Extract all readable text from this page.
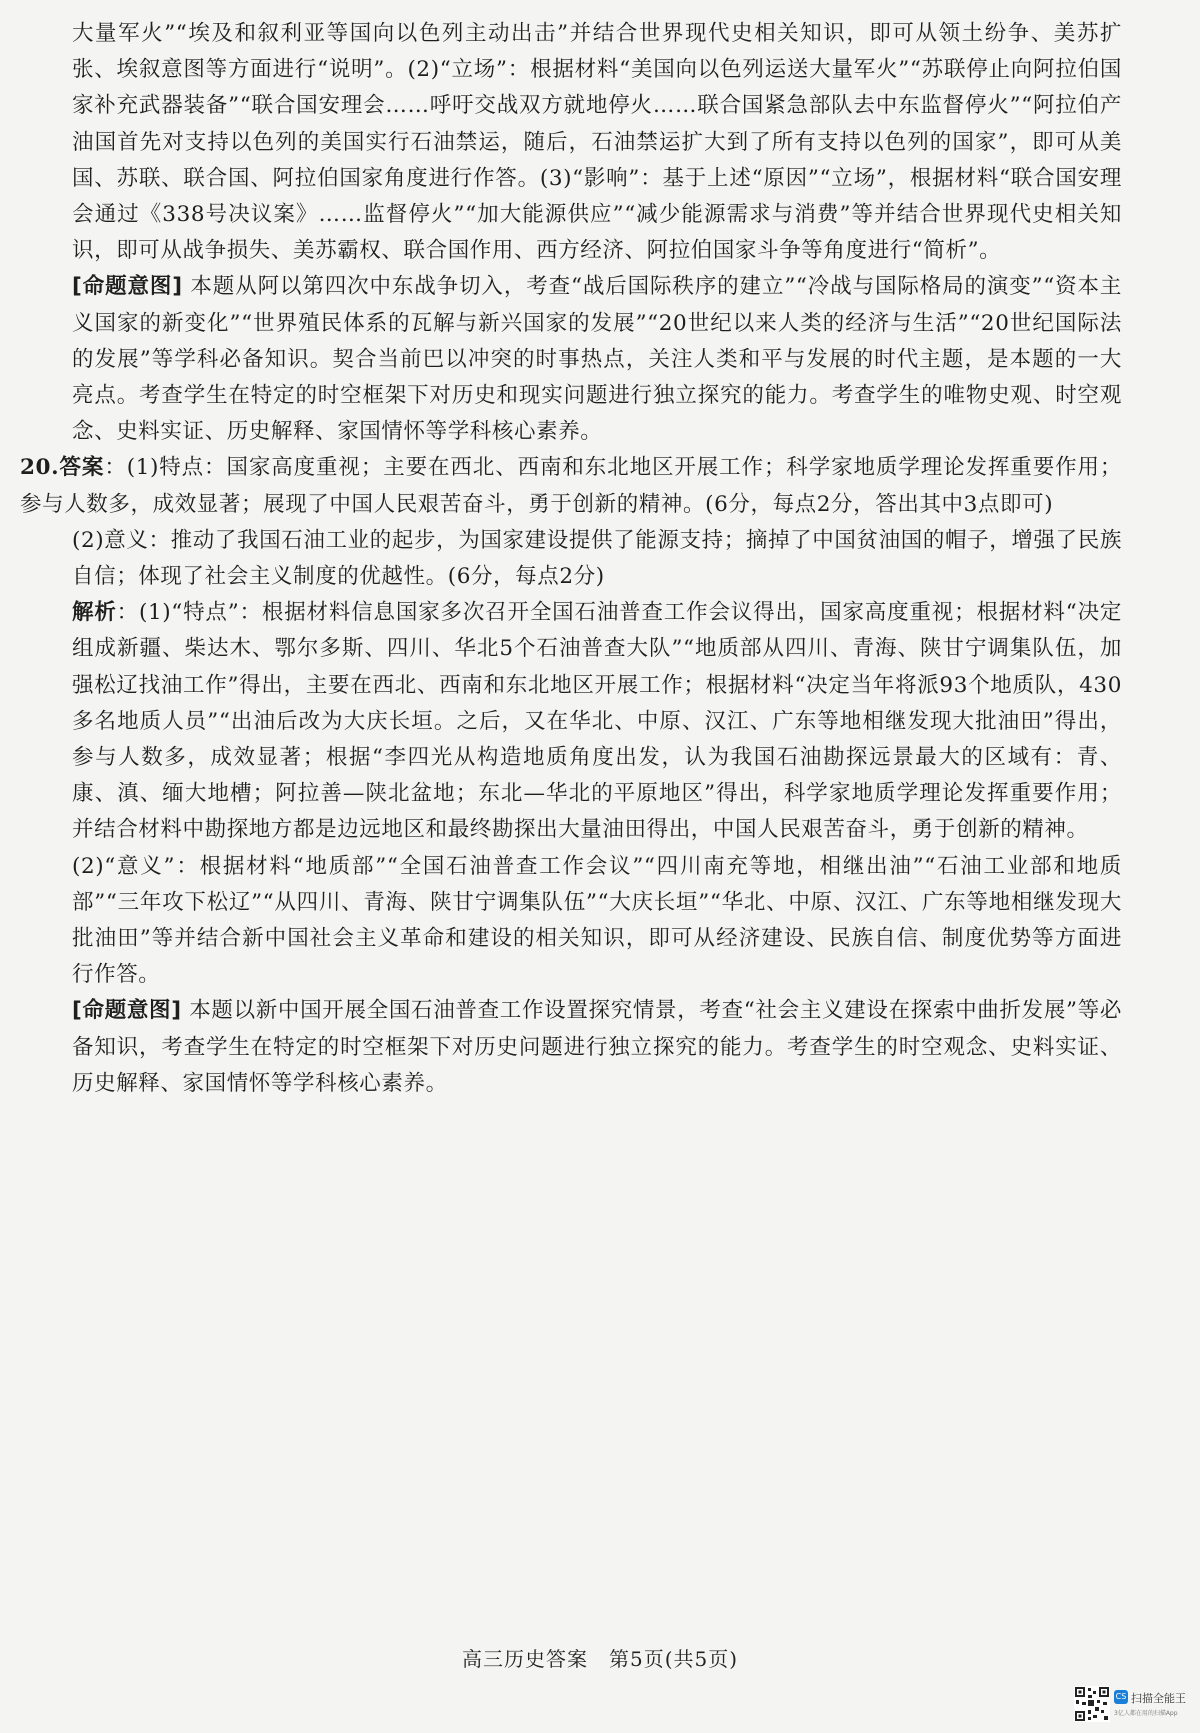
大量军火”“埃及和叙利亚等国向以色列主动出击”并结合世界现代史相关知识，即可从领土纷争、美苏扩张、埃叙意图等方面进行“说明”。(2)“立场”：根据材料“美国向以色列运送大量军火”“苏联停止向阿拉伯国家补充武器装备”“联合国安理会……呼吁交战双方就地停火……联合国紧急部队去中东监督停火”“阿拉伯产油国首先对支持以色列的美国实行石油禁运，随后，石油禁运扩大到了所有支持以色列的国家”，即可从美国、苏联、联合国、阿拉伯国家角度进行作答。(3)“影响”：基于上述“原因”“立场”，根据材料“联合国安理会通过《338号决议案》……监督停火”“加大能源供应”“减少能源需求与消费”等并结合世界现代史相关知识，即可从战争损失、美苏霸权、联合国作用、西方经济、阿拉伯国家斗争等角度进行“简析”。

[命题意图] 本题从阿以第四次中东战争切入，考查“战后国际秩序的建立”“冷战与国际格局的演变”“资本主义国家的新变化”“世界殖民体系的瓦解与新兴国家的发展”“20世纪以来人类的经济与生活”“20世纪国际法的发展”等学科必备知识。契合当前巴以冲突的时事热点，关注人类和平与发展的时代主题，是本题的一大亮点。考查学生在特定的时空框架下对历史和现实问题进行独立探究的能力。考查学生的唯物史观、时空观念、史料实证、历史解释、家国情怀等学科核心素养。

20.答案：(1)特点：国家高度重视；主要在西北、西南和东北地区开展工作；科学家地质学理论发挥重要作用；参与人数多，成效显著；展现了中国人民艰苦奋斗，勇于创新的精神。(6分，每点2分，答出其中3点即可)

(2)意义：推动了我国石油工业的起步，为国家建设提供了能源支持；摘掉了中国贫油国的帽子，增强了民族自信；体现了社会主义制度的优越性。(6分，每点2分)

解析：(1)“特点”：根据材料信息国家多次召开全国石油普查工作会议得出，国家高度重视；根据材料“决定组成新疆、柴达木、鄂尔多斯、四川、华北5个石油普查大队”“地质部从四川、青海、陕甘宁调集队伍，加强松辽找油工作”得出，主要在西北、西南和东北地区开展工作；根据材料“决定当年将派93个地质队，430多名地质人员”“出油后改为大庆长垣。之后，又在华北、中原、汉江、广东等地相继发现大批油田”得出，参与人数多，成效显著；根据“李四光从构造地质角度出发，认为我国石油勘探远景最大的区域有：青、康、滇、缅大地槽；阿拉善—陕北盆地；东北—华北的平原地区”得出，科学家地质学理论发挥重要作用；并结合材料中勘探地方都是边远地区和最终勘探出大量油田得出，中国人民艰苦奋斗，勇于创新的精神。

(2)“意义”：根据材料“地质部”“全国石油普查工作会议”“四川南充等地，相继出油”“石油工业部和地质部”“三年攻下松辽”“从四川、青海、陕甘宁调集队伍”“大庆长垣”“华北、中原、汉江、广东等地相继发现大批油田”等并结合新中国社会主义革命和建设的相关知识，即可从经济建设、民族自信、制度优势等方面进行作答。

[命题意图] 本题以新中国开展全国石油普查工作设置探究情景，考查“社会主义建设在探索中曲折发展”等必备知识，考查学生在特定的时空框架下对历史问题进行独立探究的能力。考查学生的时空观念、史料实证、历史解释、家国情怀等学科核心素养。

高三历史答案　第5页(共5页)
CS 扫描全能王
3亿人都在用的扫描App
